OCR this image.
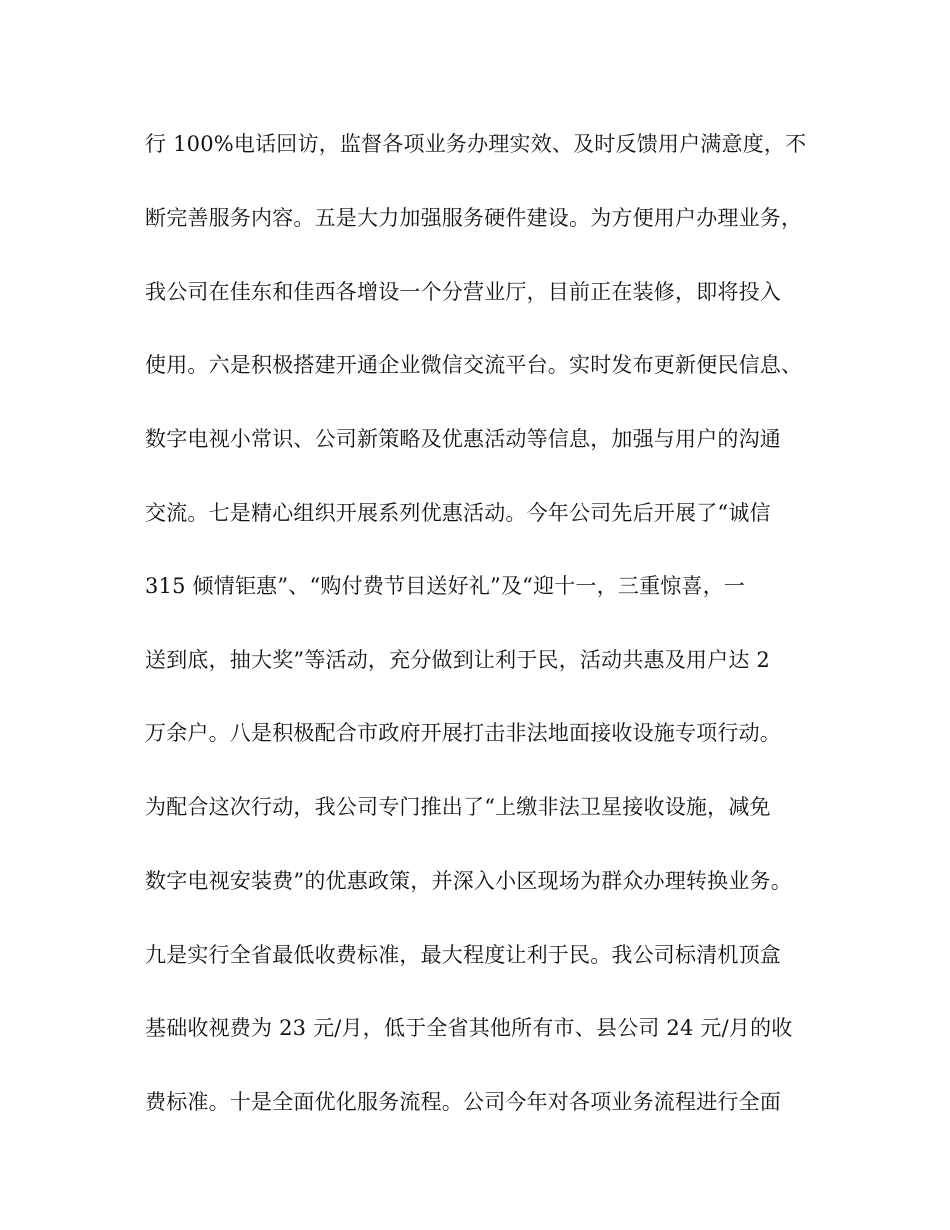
行 100%电话回访，监督各项业务办理实效、及时反馈用户满意度，不
断完善服务内容。五是大力加强服务硬件建设。为方便用户办理业务，
我公司在佳东和佳西各增设一个分营业厅，目前正在装修，即将投入
使用。六是积极搭建开通企业微信交流平台。实时发布更新便民信息、
数字电视小常识、公司新策略及优惠活动等信息，加强与用户的沟通
交流。七是精心组织开展系列优惠活动。今年公司先后开展了“诚信
315 倾情钜惠”、“购付费节目送好礼”及“迎十一，三重惊喜，一
送到底，抽大奖”等活动，充分做到让利于民，活动共惠及用户达 2
万余户。八是积极配合市政府开展打击非法地面接收设施专项行动。
为配合这次行动，我公司专门推出了“上缴非法卫星接收设施，减免
数字电视安装费”的优惠政策，并深入小区现场为群众办理转换业务。
九是实行全省最低收费标准，最大程度让利于民。我公司标清机顶盒
基础收视费为 23 元/月，低于全省其他所有市、县公司 24 元/月的收
费标准。十是全面优化服务流程。公司今年对各项业务流程进行全面
